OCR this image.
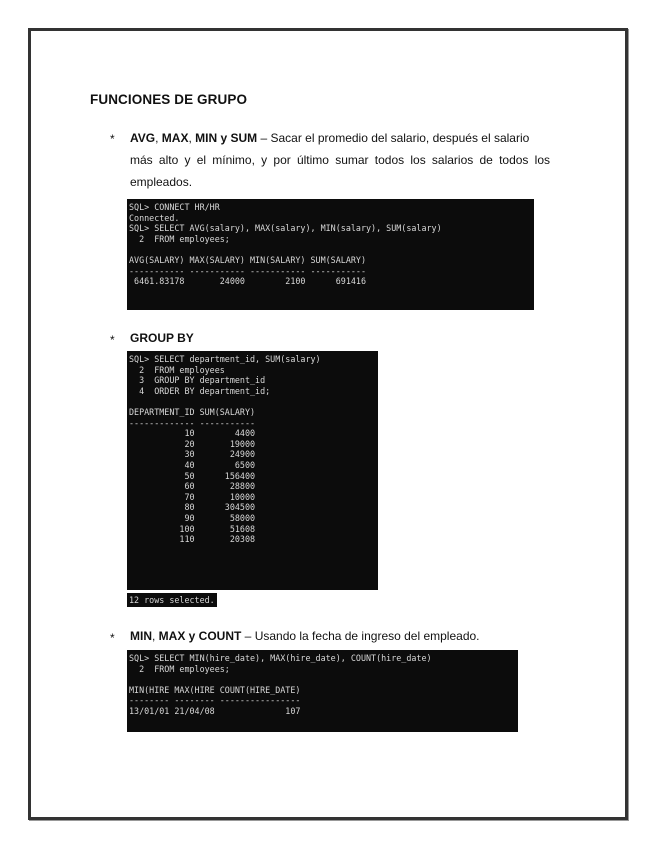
FUNCIONES DE GRUPO
*	AVG, MAX, MIN y SUM – Sacar el promedio del salario, después el salario
más alto y el mínimo, y por último sumar todos los salarios de todos los
empleados.
SQL> CONNECT HR/HR
Connected.
SQL> SELECT AVG(salary), MAX(salary), MIN(salary), SUM(salary)
2  FROM employees;
AVG(SALARY) MAX(SALARY) MIN(SALARY) SUM(SALARY)
----------- ----------- ----------- -----------
6461.83178       24000        2100      691416
*	GROUP BY
SQL> SELECT department_id, SUM(salary)
2  FROM employees
3  GROUP BY department_id
4  ORDER BY department_id;
DEPARTMENT_ID SUM(SALARY)
------------- -----------
10        4400
20       19000
30       24900
40        6500
50      156400
60       28800
70       10000
80      304500
90       58000
100       51608
110       20308
12 rows selected.
*	MIN, MAX y COUNT – Usando la fecha de ingreso del empleado.
SQL> SELECT MIN(hire_date), MAX(hire_date), COUNT(hire_date)
2  FROM employees;
MIN(HIRE MAX(HIRE COUNT(HIRE_DATE)
-------- -------- ----------------
13/01/01 21/04/08              107
